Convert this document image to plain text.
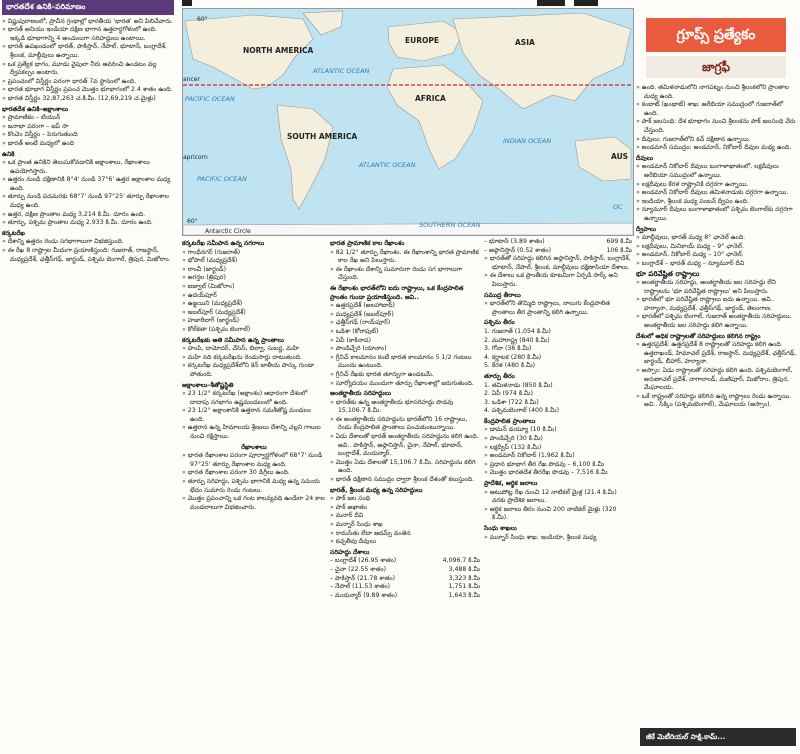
భారతదేశ ఉనికి–పరిమాణం

» విష్ణుపురాణంలో, ప్రాచీన గ్రంథాల్లో భారతీయ 'భారత' అని పిలిచేవారు.

» భారత్ అనియు ఇండియా దక్షిణ భాగాన ఉత్తరార్ధగోళంలో ఉంది. ఇక్కడి భూభాగాన్ని 4 అంచులుగా సరిహద్దులు ఉంటాయి.

» భారత్ ఉపఖండంలో భారత్, పాకిస్తాన్, నేపాల్, భూటాన్, బంగ్లాదేశ్, శ్రీలంక, మాల్దీవులు ఉన్నాయి.

» ఒక ప్రత్యేక భాగం, మూడు వైపులా నీరు ఆవరించి ఉండటం వల్ల ద్వీపకల్పం అంటారు.

» ప్రపంచంలో విస్తీర్ణం పరంగా భారత్ 7వ స్థానంలో ఉంది.

» భారత భూభాగ విస్తీర్ణం ప్రపంచ మొత్తం భూభాగంలో 2.4 శాతం ఉంది.

» భారత విస్తీర్ణం 32,87,263 చ.కి.మీ. (12,69,219 చ.మైళ్లు)

భారతదేశ ఉనికి–అక్షాంశాలు

» ప్రామాణికం – టియున్‌

» జనాభా పరంగా – జప్ సా

» కొంచెం విస్తీర్ణం – పెరుగుతుంది

» భారత్ అంటే మధ్యలో ఉంది

ఉనికి

» ఒక ప్రాంత ఉనికిని తెలుసుకోవడానికి అక్షాంశాలు, రేఖాంశాలు ఉపయోగిస్తారు.

» ఉత్తరం నుండి దక్షిణానికి 8°4' నుండి 37°6' ఉత్తర అక్షాంశాల మధ్య ఉంది.

» తూర్పు నుండి పడమరకు 68°7' నుండి 97°25' తూర్పు రేఖాంశాల మధ్య ఉంది.

» ఉత్తర, దక్షిణ ప్రాంతాల మధ్య 3,214 కి.మీ. దూరం ఉంది.

» తూర్పు, పశ్చిమ ప్రాంతాల మధ్య 2,933 కి.మీ. దూరం ఉంది.

కర్కటరేఖ

» దేశాన్ని ఉత్తరం రెండు సగభాగాలుగా విభజిస్తుంది.

» ఈ రేఖ 8 రాష్ట్రాల మీదుగా ప్రయాణిస్తుంది: గుజరాత్, రాజస్థాన్, మధ్యప్రదేశ్, ఛత్తీస్‌గఢ్, జార్ఖండ్, పశ్చిమ బెంగాల్, త్రిపుర, మిజోరాం.

NORTH AMERICA
SOUTH AMERICA
EUROPE	ASIA
AFRICA
AUS
ATLANTIC OCEAN
ATLANTIC OCEAN
PACIFIC OCEAN
PACIFIC OCEAN
INDIAN OCEAN
SOUTHERN OCEAN
ancer
apricorn
Antarctic Circle
OC
60°
60°

కర్కటరేఖ సమీపాన ఉన్న నగరాలు

» గాంధీనగర్ (గుజరాత్)

» భోపాల్ (మధ్యప్రదేశ్)

» రాంచీ (జార్ఖండ్)

» అగర్తల (త్రిపుర)

» ఐజ్వాల్ (మిజోరాం)

» ఉదయ్‌పూర్

» ఉజ్జయిని (మధ్యప్రదేశ్)

» జబల్‌పూర్ (మధ్యప్రదేశ్)

» హజారీబాగ్ (జార్ఖండ్)

» కోల్‌కతా (పశ్చిమ బెంగాల్)

కర్కటరేఖకు అతి సమీపాన ఉన్న ప్రాంతాలు

» హంపి, దామోదర్, వేసెస్, బిల్వా, సుబర్ణ, మహి

» మహి నది కర్కటరేఖను రెండుసార్లు దాటుతుంది.

» కర్కటరేఖ మధ్యప్రదేశ్‌లోని కెన్ జాతీయ పార్కు గుండా పోతుంది.

అక్షాంశాలు–శీతోష్ణస్థితి

» 23 1/2° కర్కటరేఖ (అక్షాంశం) ఆధారంగా దేశంలో దాదాపు సగభాగం ఉష్ణమండలంలో ఉంది.

» 23 1/2° అక్షాంశానికి ఉత్తరాన సమశీతోష్ణ మండలం ఉంది.

» ఉత్తరాన ఉన్న హిమాలయ శ్రేణులు దేశాన్ని చల్లని గాలుల నుంచి రక్షిస్తాయి.

రేఖాంశాలు

» భారత రేఖాంశాల పరంగా పూర్వార్ధగోళంలో 68°7' నుండి 97°25' తూర్పు రేఖాంశాల మధ్య ఉంది.

» భారత రేఖాంశాల పరంగా 30 డిగ్రీలు ఉంది.

» తూర్పు సరిహద్దు, పశ్చిమ భాగానికి మధ్య ఉన్న సమయ భేదం సుమారు రెండు గంటలు.

» మొత్తం ప్రపంచాన్ని ఒక గంట కాలవ్యవధి ఉండేలా 24 కాల మండలాలుగా విభజించారు.

భారత ప్రామాణిక కాల రేఖాంశం

» 82 1/2° తూర్పు రేఖాంశం. ఈ రేఖాంశాన్ని భారత ప్రామాణిక కాల రేఖ అని పిలుస్తారు.

» ఈ రేఖాంశం దేశాన్ని సుమారుగా రెండు సగ భాగాలుగా చేస్తుంది.

ఈ రేఖాంశం భారత్‌లోని ఐదు రాష్ట్రాలు, ఒక కేంద్రపాలిత ప్రాంతం గుండా ప్రయాణిస్తుంది. అవి..

» ఉత్తరప్రదేశ్ (అలహాబాద్)

» మధ్యప్రదేశ్ (జబల్‌పూర్)

» ఛత్తీస్‌గఢ్ (రాయ్‌పూర్)

» ఒడిశా (కోరాపుట్)

» ఏపీ (కాకినాడ)

» పాండిచ్చేరి (యానాం)

» గ్రీనిచ్ కాలమానం కంటే భారత కాలమానం 5 1/2 గంటలు ముందు ఉంటుంది.

» గ్రీనిచ్ రేఖకు భారత తూర్పుగా ఉండటమే.

» సూర్యోదయం ముందుగా తూర్పు రేఖాంశాల్లో జరుగుతుంది.

అంతర్జాతీయ సరిహద్దులు

» భారత్‌కు ఉన్న అంతర్జాతీయ భూసరిహద్దు పొడవు 15,106.7 కి.మీ.

» ఈ అంతర్జాతీయ సరిహద్దును భారత్‌లోని 16 రాష్ట్రాలు, రెండు కేంద్రపాలిత ప్రాంతాలు పంచుకుంటున్నాయి.

» ఏడు దేశాలతో భారత్ అంతర్జాతీయ సరిహద్దును కలిగి ఉంది. అవి.. పాకిస్తాన్, అఫ్గానిస్తాన్, చైనా, నేపాల్, భూటాన్, బంగ్లాదేశ్, మయన్మార్.

» మొత్తం ఏడు దేశాలతో 15,106.7 కి.మీ. సరిహద్దును కలిగి ఉంది.

» భారత్ దక్షిణాన సముద్రం ద్వారా శ్రీలంక దేశంతో కలుస్తుంది.

భారత్, శ్రీలంక మధ్య ఉన్న సరిహద్దులు

» పాక్ జల సంధి

» పాక్ అఖాతం

» మనార్ దీవి

» మన్నార్ సింధు శాఖ

» రామసేతు లేదా ఆదమ్స్ వంతెన

» కచ్చతీవు దీవులు

సరిహద్దు దేశాలు

– బంగ్లాదేశ్ (26.95 శాతం)	4,096.7 కి.మీ
– చైనా (22.55 శాతం)	3,488 కి.మీ
– పాకిస్తాన్ (21.78 శాతం)	3,323 కి.మీ
– నేపాల్ (11.53 శాతం)	1,751 కి.మీ
– మయన్మార్ (9.89 శాతం)	1,643 కి.మీ
– భూటాన్ (3.89 శాతం)	699 కి.మీ
– అఫ్గానిస్తాన్ (0.52 శాతం)	106 కి.మీ

» భారత్‌తో సరిహద్దు కలిగిన అఫ్గానిస్తాన్, పాకిస్తాన్, బంగ్లాదేశ్, భూటాన్, నేపాల్, శ్రీలంక, మాల్దీవులు దక్షిణాసియా దేశాలు.

» ఈ దేశాలు ఒక ప్రాంతీయ కూటమిగా ఏర్పడి సార్క్ అని పిలుస్తారు.

సముద్ర తీరాలు

» భారత్‌లోని తొమ్మిది రాష్ట్రాలు, నాలుగు కేంద్రపాలిత ప్రాంతాలు తీర ప్రాంతాన్ని కలిగి ఉన్నాయి.

పశ్చిమ తీరం

1. గుజరాత్ (1,054 కి.మీ)

2. మహారాష్ట్ర (840 కి.మీ)

3. గోవా (36 కి.మీ)

4. కర్ణాటక (280 కి.మీ)

5. కేరళ (480 కి.మీ)

తూర్పు తీరం

1. తమిళనాడు (850 కి.మీ)

2. ఏపీ (974 కి.మీ)

3. ఒడిశా (722 కి.మీ)

4. పశ్చిమబెంగాల్ (400 కి.మీ)

కేంద్రపాలిత ప్రాంతాలు

» డామన్ డయ్యూ (10 కి.మీ)

» పాండిచ్చేరి (30 కి.మీ)

» లక్షద్వీప్ (132 కి.మీ)

» అండమాన్ నికోబార్ (1,962 కి.మీ)

» ప్రధాన భూభాగ తీర రేఖ పొడవు – 6,100 కి.మీ

» మొత్తం భారతదేశ తీరరేఖ పొడవు – 7,516 కి.మీ

ప్రాదేశిక, ఆర్థిక జలాలు

» ఆటుపోట్ల రేఖ నుంచి 12 నాటికల్ మైళ్ల (21.4 కి.మీ) వరకు ప్రాదేశిక జలాలు.

» ఆర్థిక జలాలు తీరం నుంచి 200 నాటికల్ మైళ్లు (320 కి.మీ).

సింధు శాఖలు

» మన్నార్ సింధు శాఖ: ఇండియా, శ్రీలంక మధ్య

గ్రూప్స్ ప్రత్యేకం
జాగ్రఫీ

» ఉంది. తమిళనాడులోని నాగపట్నం నుంచి శ్రీలంకలోని ప్రాంతాల మధ్య ఉంది.

» కంబాట్ (ఖంభాట్) శాఖ: అరేబియా సముద్రంలో గుజరాత్‌లో ఉంది.

» పాక్ జలసంధి: దేశ భూభాగం నుంచి శ్రీలంకను పాక్ జలసంధి వేరు చేస్తుంది.

» దీవులు: గుజరాత్‌లోని కచ్ దక్షిణాన ఉన్నాయి.

» అండమాన్ సముద్రం: అండమాన్, నికోబార్ దీవుల మధ్య ఉంది.

దీవులు

» అండమాన్ నికోబార్ దీవులు బంగాళాఖాతంలో, లక్షదీవులు అరేబియా సముద్రంలో ఉన్నాయి.

» లక్షదీవులు కేరళ రాష్ట్రానికి దగ్గరగా ఉన్నాయి.

» అండమాన్ నికోబార్ దీవులు తమిళనాడుకు దగ్గరగా ఉన్నాయి.

» ఇండియా, శ్రీలంక మధ్య పంబన్ ద్వీపం ఉంది.

» న్యూమూర్ దీవులు బంగాళాఖాతంలో పశ్చిమ బెంగాల్‌కు దగ్గరగా ఉన్నాయి.

ద్వీపాలు

» మాల్దీవులు, భారత్ మధ్య 8° ఛానెల్ ఉంది.

» లక్షదీవులు, మినికాయ్ మధ్య – 9° ఛానెల్.

» అండమాన్, నికోబార్ మధ్య – 10° ఛానెల్.

» బంగ్లాదేశ్ – భారత్ మధ్య – న్యూమూర్ దీవి

భూ పరివేష్టిత రాష్ట్రాలు

» అంతర్జాతీయ సరిహద్దు, అంతర్జాతీయ జల సరిహద్దు లేని రాష్ట్రాలను 'భూ పరివేష్టిత రాష్ట్రాలు' అని పిలుస్తారు.

» భారత్‌లో భూ పరివేష్టిత రాష్ట్రాలు ఐదు ఉన్నాయి. అవి.. హర్యానా, మధ్యప్రదేశ్, ఛత్తీస్‌గఢ్, జార్ఖండ్, తెలంగాణ.

» భారత్‌లో పశ్చిమ బెంగాల్, గుజరాత్ అంతర్జాతీయ సరిహద్దులు, అంతర్జాతీయ జల సరిహద్దు కలిగి ఉన్నాయి.

దేశంలో అధిక రాష్ట్రాలతో సరిహద్దులు కలిగిన రాష్ట్రం

» ఉత్తరప్రదేశ్: ఉత్తరప్రదేశ్ 8 రాష్ట్రాలతో సరిహద్దు కలిగి ఉంది. ఉత్తరాఖండ్, హిమాచల్ ప్రదేశ్, రాజస్థాన్, మధ్యప్రదేశ్, ఛత్తీస్‌గఢ్, జార్ఖండ్, బీహార్, హర్యానా.

» అస్సాం: ఏడు రాష్ట్రాలతో సరిహద్దు కలిగి ఉంది. పశ్చిమబెంగాల్, అరుణాచల్ ప్రదేశ్, నాగాలాండ్, మణిపూర్, మిజోరాం, త్రిపుర, మేఘాలయ.

» ఒకే రాష్ట్రంతో సరిహద్దు కలిగిన ఉన్న రాష్ట్రాలు రెండు ఉన్నాయి. అవి.. సిక్కిం (పశ్చిమబెంగాల్), మేఘాలయ (అస్సాం).

జీకే మెటీరియల్ సాక్షి.కామ్...
